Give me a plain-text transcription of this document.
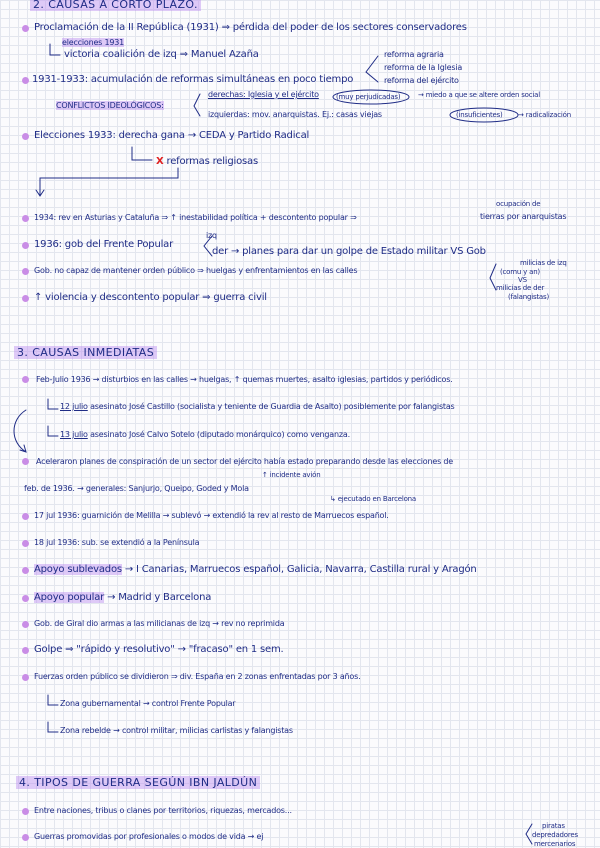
2. CAUSAS A CORTO PLAZO.
Proclamación de la II República (1931) ⇒ pérdida del poder de los sectores conservadores
elecciones 1931
victoria coalición de izq ⇒ Manuel Azaña	reforma agraria
reforma de la Iglesia
reforma del ejército
1931-1933: acumulación de reformas simultáneas en poco tiempo
CONFLICTOS IDEOLÓGICOS:
derechas: Iglesia y el ejército (muy perjudicadas)	→ miedo a que se altere orden social
izquierdas: mov. anarquistas. Ej.: casas viejas	(insuficientes) → radicalización
Elecciones 1933: derecha gana → CEDA y Partido Radical
X reformas religiosas
ocupación de
1934: rev en Asturias y Cataluña ⇒ ↑ inestabilidad política + descontento popular ⇒	tierras por anarquistas
izq
1936: gob del Frente Popular
der → planes para dar un golpe de Estado militar VS Gob
milicias de izq
Gob. no capaz de mantener orden público ⇒ huelgas y enfrentamientos en las calles	(comu y an)
VS
milicias de der
(falangistas)
↑ violencia y descontento popular ⇒ guerra civil
3. CAUSAS INMEDIATAS
Feb-Julio 1936 → disturbios en las calles → huelgas, ↑ quemas muertes, asalto iglesias, partidos y periódicos.
12 julio asesinato José Castillo (socialista y teniente de Guardia de Asalto) posiblemente por falangistas
13 julio asesinato José Calvo Sotelo (diputado monárquico) como venganza.
Aceleraron planes de conspiración de un sector del ejército había estado preparando desde las elecciones de
↑ incidente avión
feb. de 1936. → generales: Sanjurjo, Queipo, Goded y Mola
↳ ejecutado en Barcelona
17 jul 1936: guarnición de Melilla → sublevó → extendió la rev al resto de Marruecos español.
18 jul 1936: sub. se extendió a la Península
Apoyo sublevados → I Canarias, Marruecos español, Galicia, Navarra, Castilla rural y Aragón
Apoyo popular → Madrid y Barcelona
Gob. de Giral dio armas a las milicianas de izq → rev no reprimida
Golpe ⇒ "rápido y resolutivo" → "fracaso" en 1 sem.
Fuerzas orden público se dividieron ⇒ div. España en 2 zonas enfrentadas por 3 años.
Zona gubernamental → control Frente Popular
Zona rebelde → control militar, milicias carlistas y falangistas
4. TIPOS DE GUERRA SEGÚN IBN JALDÚN
Entre naciones, tribus o clanes por territorios, riquezas, mercados...
piratas
Guerras promovidas por profesionales o modos de vida → ej	depredadores
mercenarios
